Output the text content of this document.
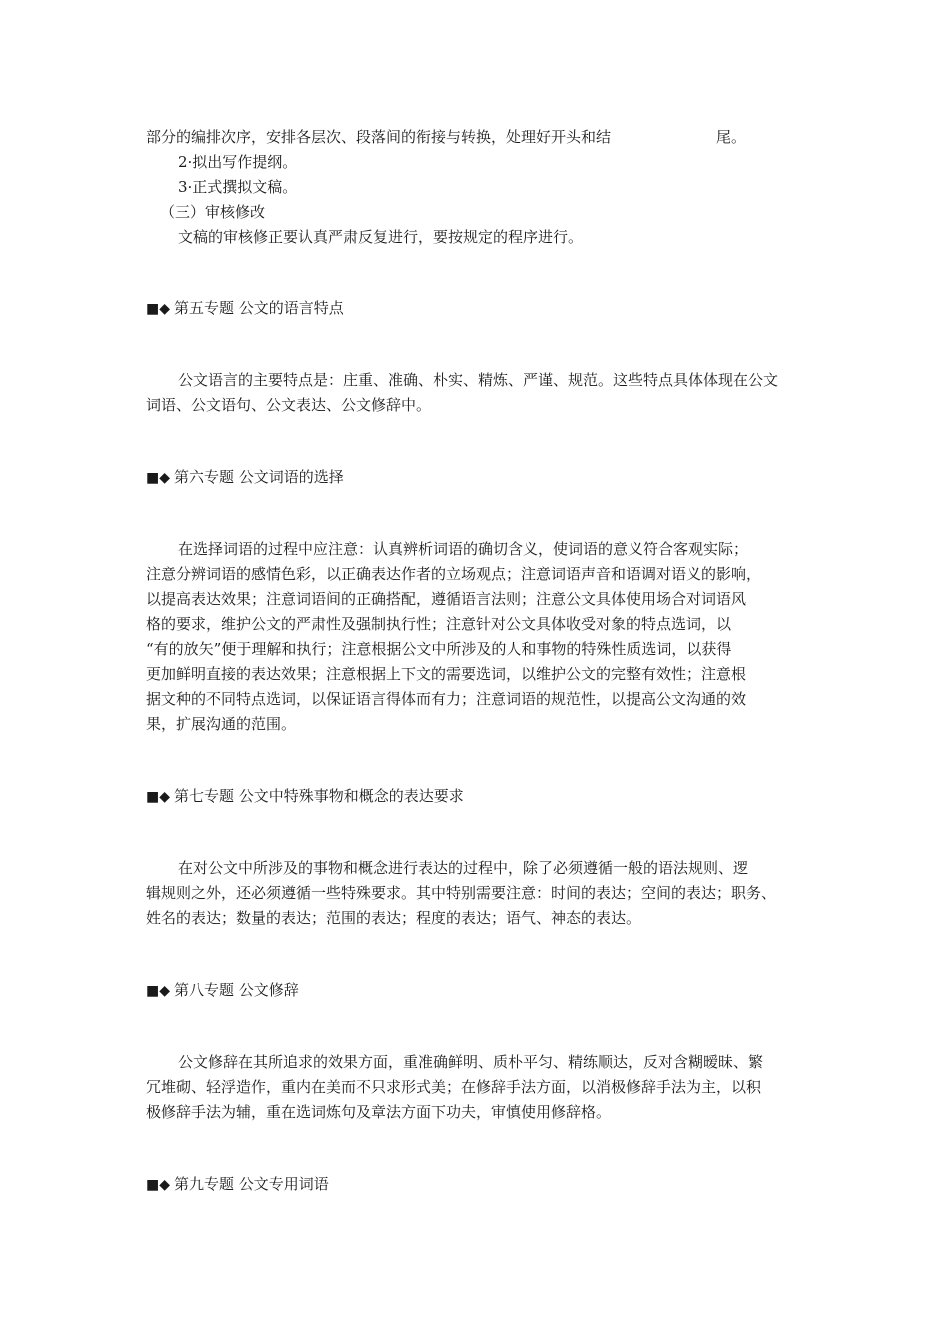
部分的编排次序，安排各层次、段落间的衔接与转换，处理好开头和结	尾。

2·拟出写作提纲。

3·正式撰拟文稿。

（三）审核修改

文稿的审核修正要认真严肃反复进行，要按规定的程序进行。

■◆ 第五专题 公文的语言特点

公文语言的主要特点是：庄重、准确、朴实、精炼、严谨、规范。这些特点具体体现在公文

词语、公文语句、公文表达、公文修辞中。

■◆ 第六专题 公文词语的选择

在选择词语的过程中应注意：认真辨析词语的确切含义，使词语的意义符合客观实际；

注意分辨词语的感情色彩，以正确表达作者的立场观点；注意词语声音和语调对语义的影响，

以提高表达效果；注意词语间的正确搭配，遵循语言法则；注意公文具体使用场合对词语风

格的要求，维护公文的严肃性及强制执行性；注意针对公文具体收受对象的特点选词，以

“有的放矢”便于理解和执行；注意根据公文中所涉及的人和事物的特殊性质选词，以获得

更加鲜明直接的表达效果；注意根据上下文的需要选词，以维护公文的完整有效性；注意根

据文种的不同特点选词，以保证语言得体而有力；注意词语的规范性，以提高公文沟通的效

果，扩展沟通的范围。

■◆ 第七专题 公文中特殊事物和概念的表达要求

在对公文中所涉及的事物和概念进行表达的过程中，除了必须遵循一般的语法规则、逻

辑规则之外，还必须遵循一些特殊要求。其中特别需要注意：时间的表达；空间的表达；职务、

姓名的表达；数量的表达；范围的表达；程度的表达；语气、神态的表达。

■◆ 第八专题 公文修辞

公文修辞在其所追求的效果方面，重准确鲜明、质朴平匀、精练顺达，反对含糊暧昧、繁

冗堆砌、轻浮造作，重内在美而不只求形式美；在修辞手法方面，以消极修辞手法为主，以积

极修辞手法为辅，重在选词炼句及章法方面下功夫，审慎使用修辞格。

■◆ 第九专题 公文专用词语
